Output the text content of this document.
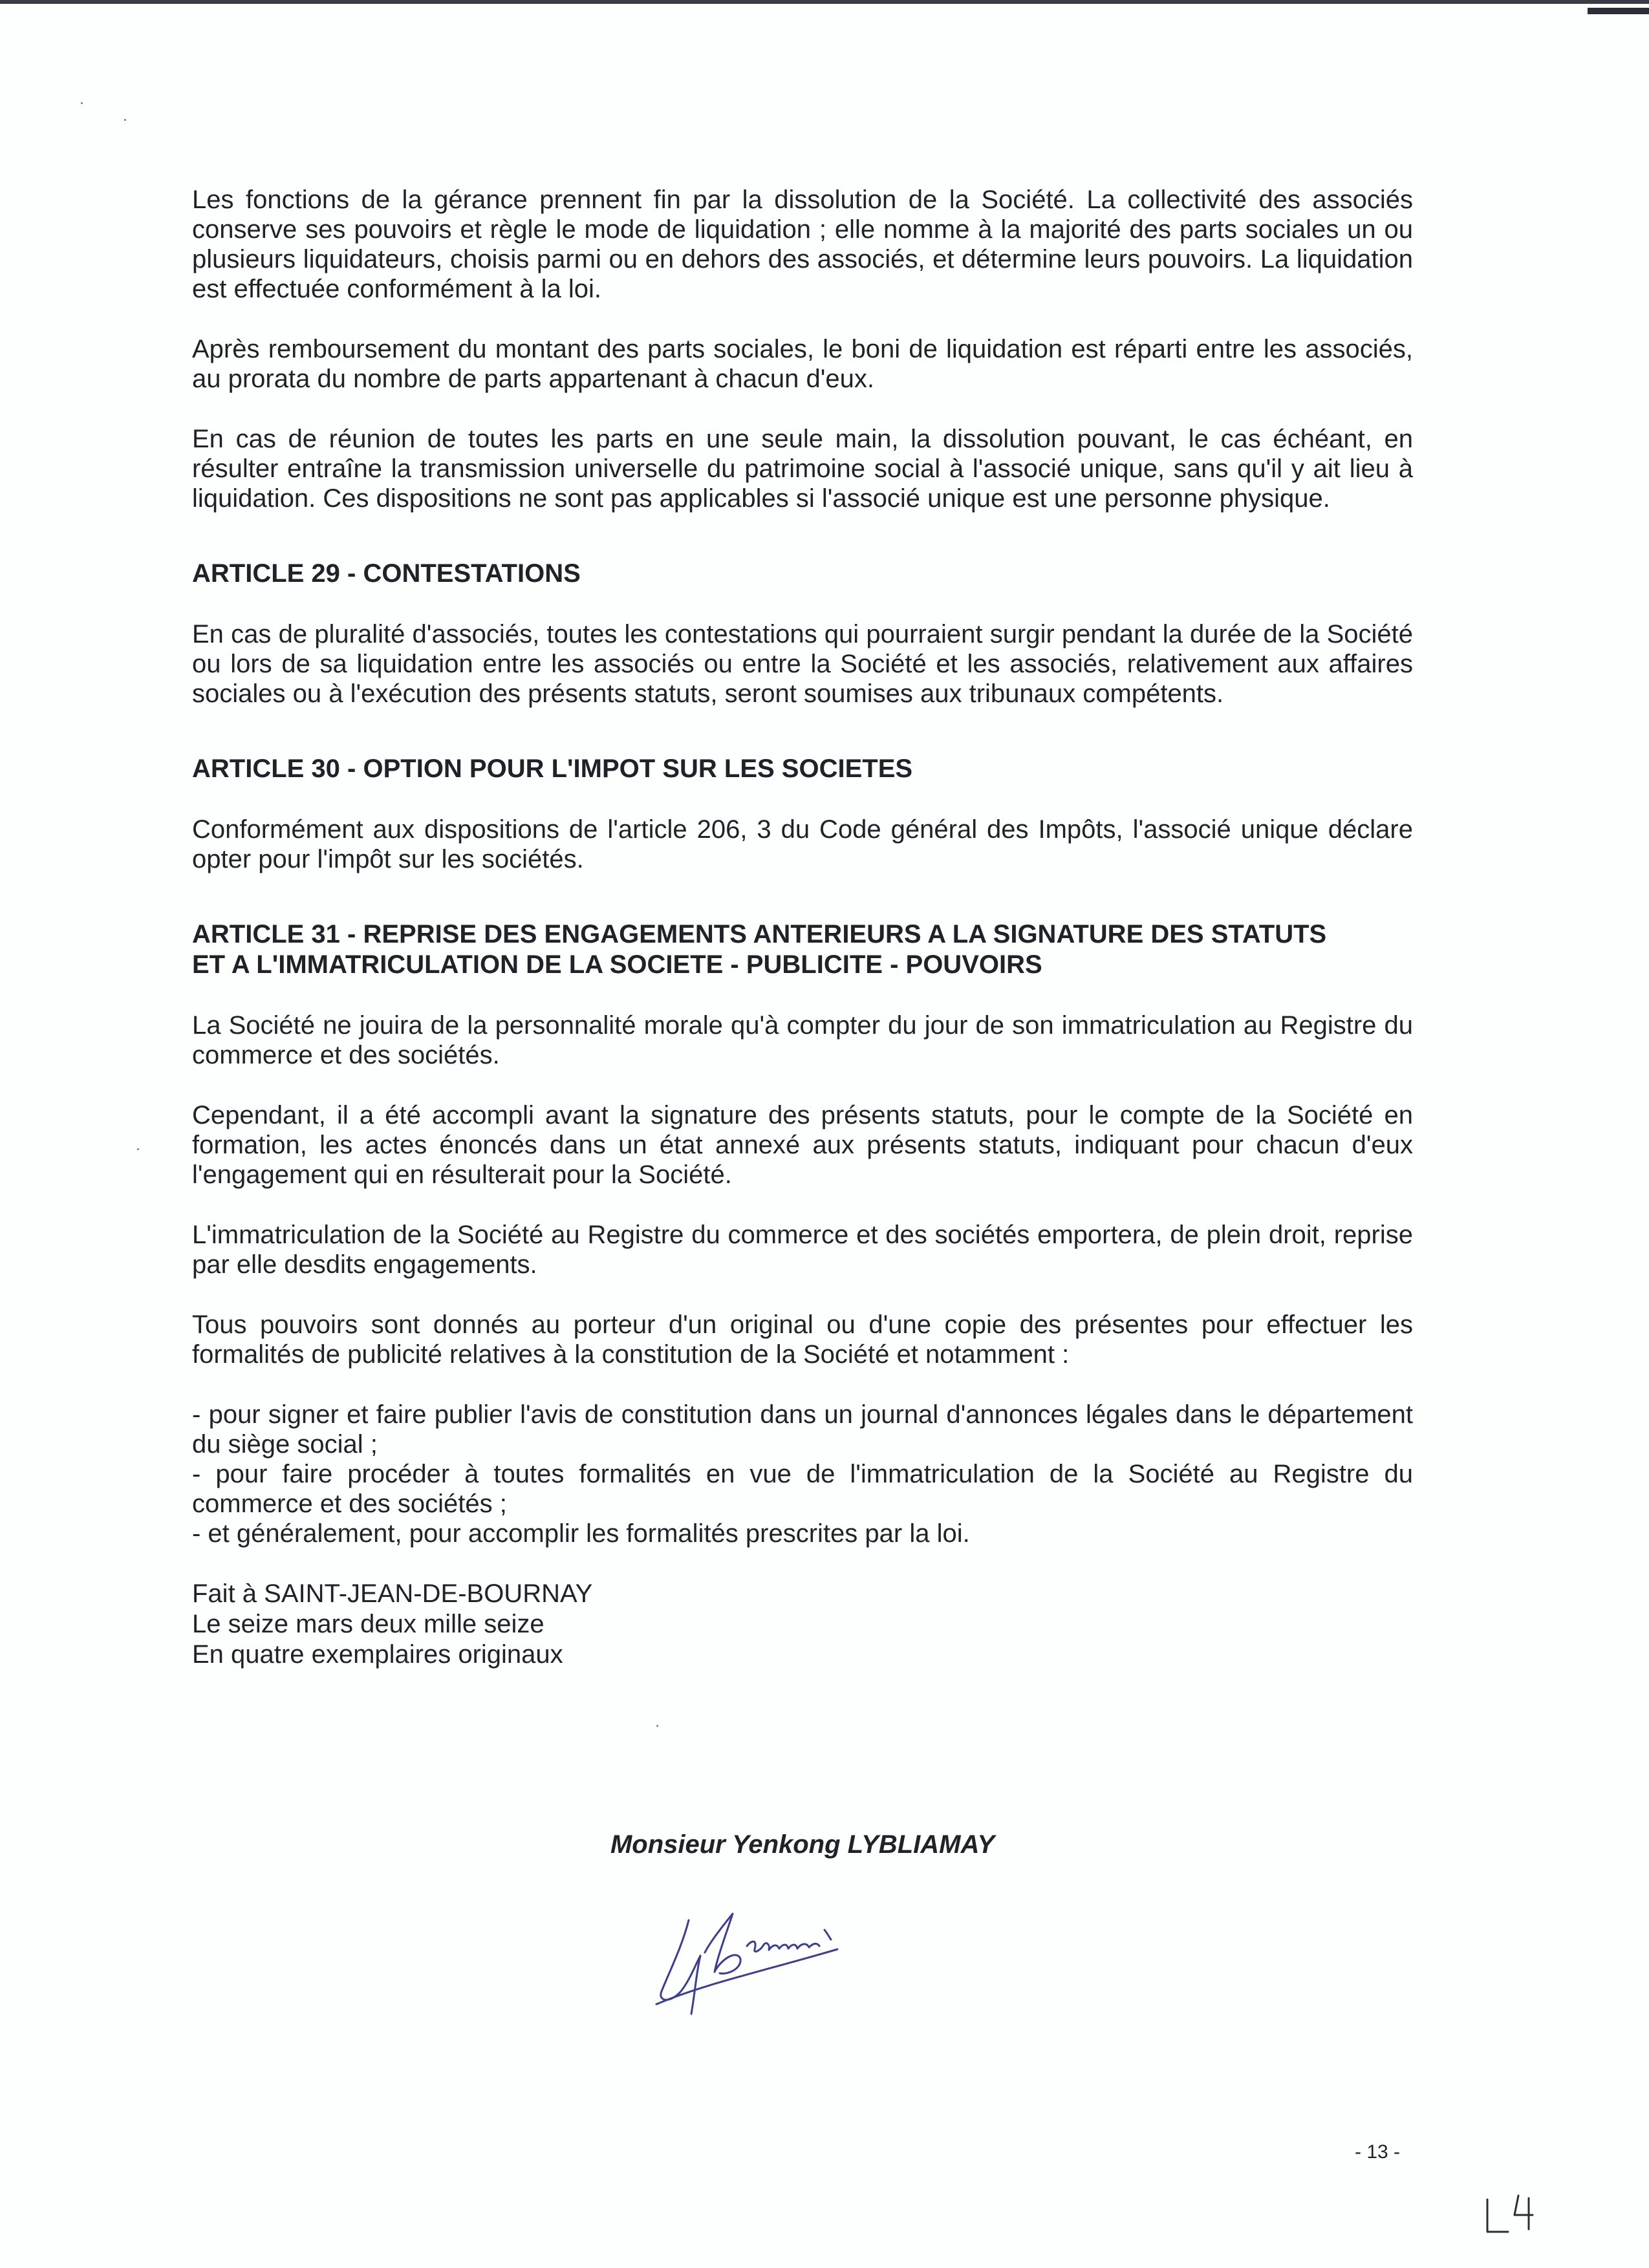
Les fonctions de la gérance prennent fin par la dissolution de la Société. La collectivité des associés conserve ses pouvoirs et règle le mode de liquidation ; elle nomme à la majorité des parts sociales un ou plusieurs liquidateurs, choisis parmi ou en dehors des associés, et détermine leurs pouvoirs. La liquidation est effectuée conformément à la loi.

Après remboursement du montant des parts sociales, le boni de liquidation est réparti entre les associés, au prorata du nombre de parts appartenant à chacun d'eux.

En cas de réunion de toutes les parts en une seule main, la dissolution pouvant, le cas échéant, en résulter entraîne la transmission universelle du patrimoine social à l'associé unique, sans qu'il y ait lieu à liquidation. Ces dispositions ne sont pas applicables si l'associé unique est une personne physique.

ARTICLE 29 - CONTESTATIONS

En cas de pluralité d'associés, toutes les contestations qui pourraient surgir pendant la durée de la Société ou lors de sa liquidation entre les associés ou entre la Société et les associés, relativement aux affaires sociales ou à l'exécution des présents statuts, seront soumises aux tribunaux compétents.

ARTICLE 30 - OPTION POUR L'IMPOT SUR LES SOCIETES

Conformément aux dispositions de l'article 206, 3 du Code général des Impôts, l'associé unique déclare opter pour l'impôt sur les sociétés.

ARTICLE 31 - REPRISE DES ENGAGEMENTS ANTERIEURS A LA SIGNATURE DES STATUTS

ET A L'IMMATRICULATION DE LA SOCIETE - PUBLICITE - POUVOIRS

La Société ne jouira de la personnalité morale qu'à compter du jour de son immatriculation au Registre du commerce et des sociétés.

Cependant, il a été accompli avant la signature des présents statuts, pour le compte de la Société en formation, les actes énoncés dans un état annexé aux présents statuts, indiquant pour chacun d'eux l'engagement qui en résulterait pour la Société.

L'immatriculation de la Société au Registre du commerce et des sociétés emportera, de plein droit, reprise par elle desdits engagements.

Tous pouvoirs sont donnés au porteur d'un original ou d'une copie des présentes pour effectuer les formalités de publicité relatives à la constitution de la Société et notamment :

- pour signer et faire publier l'avis de constitution dans un journal d'annonces légales dans le département du siège social ;

- pour faire procéder à toutes formalités en vue de l'immatriculation de la Société au Registre du commerce et des sociétés ;

- et généralement, pour accomplir les formalités prescrites par la loi.

Fait à SAINT-JEAN-DE-BOURNAY

Le seize mars deux mille seize

En quatre exemplaires originaux

Monsieur Yenkong LYBLIAMAY

- 13 -
